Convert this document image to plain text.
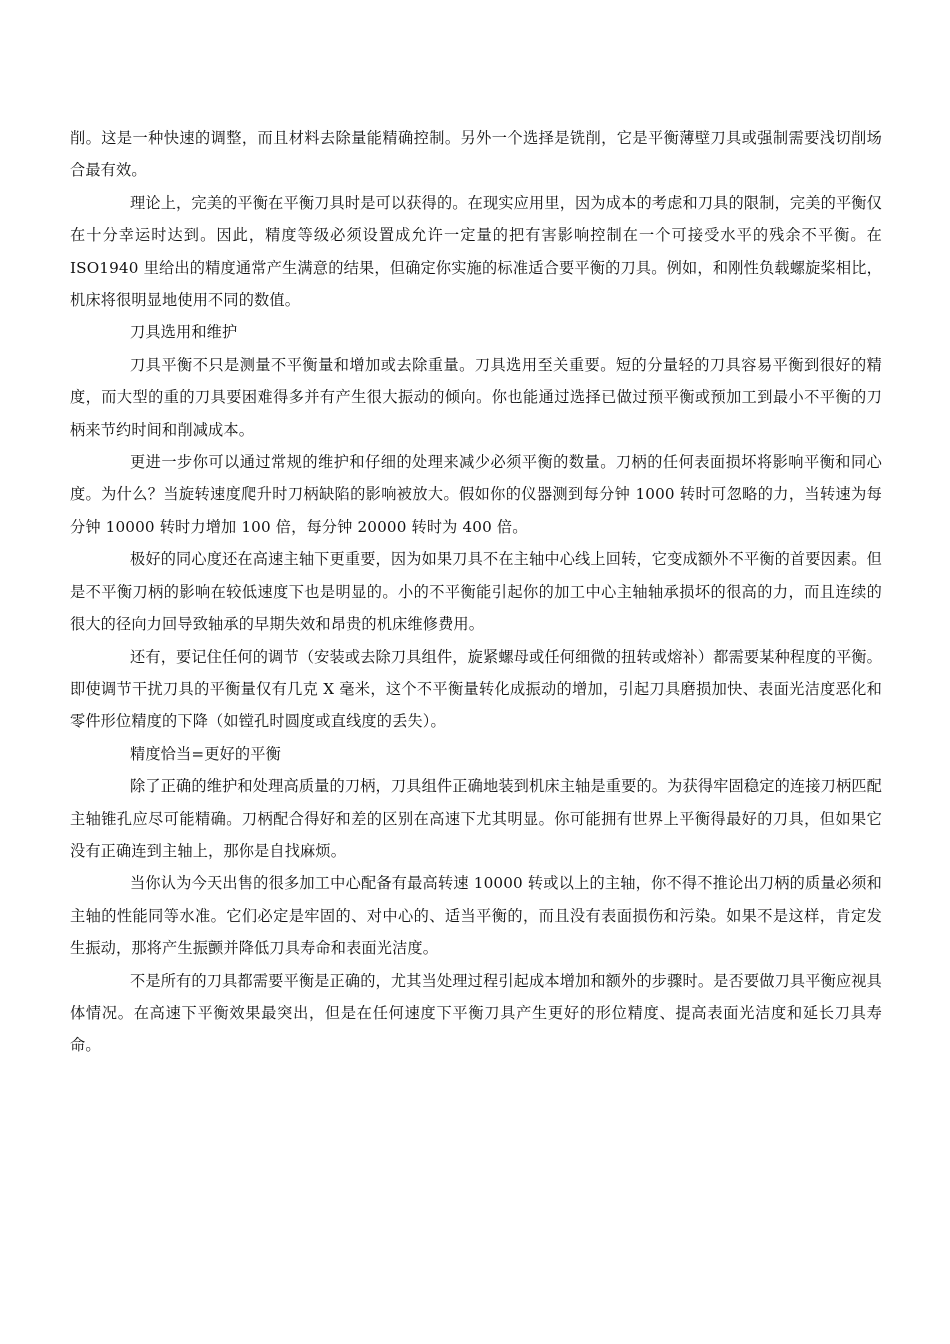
削。这是一种快速的调整，而且材料去除量能精确控制。另外一个选择是铣削，它是平衡薄壁刀具或强制需要浅切削场合最有效。

理论上，完美的平衡在平衡刀具时是可以获得的。在现实应用里，因为成本的考虑和刀具的限制，完美的平衡仅在十分幸运时达到。因此，精度等级必须设置成允许一定量的把有害影响控制在一个可接受水平的残余不平衡。在 ISO1940 里给出的精度通常产生满意的结果，但确定你实施的标准适合要平衡的刀具。例如，和刚性负载螺旋桨相比，机床将很明显地使用不同的数值。

刀具选用和维护

刀具平衡不只是测量不平衡量和增加或去除重量。刀具选用至关重要。短的分量轻的刀具容易平衡到很好的精度，而大型的重的刀具要困难得多并有产生很大振动的倾向。你也能通过选择已做过预平衡或预加工到最小不平衡的刀柄来节约时间和削减成本。

更进一步你可以通过常规的维护和仔细的处理来减少必须平衡的数量。刀柄的任何表面损坏将影响平衡和同心度。为什么？当旋转速度爬升时刀柄缺陷的影响被放大。假如你的仪器测到每分钟 1000 转时可忽略的力，当转速为每分钟 10000 转时力增加 100 倍，每分钟 20000 转时为 400 倍。

极好的同心度还在高速主轴下更重要，因为如果刀具不在主轴中心线上回转，它变成额外不平衡的首要因素。但是不平衡刀柄的影响在较低速度下也是明显的。小的不平衡能引起你的加工中心主轴轴承损坏的很高的力，而且连续的很大的径向力回导致轴承的早期失效和昂贵的机床维修费用。

还有，要记住任何的调节（安装或去除刀具组件，旋紧螺母或任何细微的扭转或熔补）都需要某种程度的平衡。即使调节干扰刀具的平衡量仅有几克 X 毫米，这个不平衡量转化成振动的增加，引起刀具磨损加快、表面光洁度恶化和零件形位精度的下降（如镗孔时圆度或直线度的丢失）。

精度恰当=更好的平衡

除了正确的维护和处理高质量的刀柄，刀具组件正确地装到机床主轴是重要的。为获得牢固稳定的连接刀柄匹配主轴锥孔应尽可能精确。刀柄配合得好和差的区别在高速下尤其明显。你可能拥有世界上平衡得最好的刀具，但如果它没有正确连到主轴上，那你是自找麻烦。

当你认为今天出售的很多加工中心配备有最高转速 10000 转或以上的主轴，你不得不推论出刀柄的质量必须和主轴的性能同等水准。它们必定是牢固的、对中心的、适当平衡的，而且没有表面损伤和污染。如果不是这样，肯定发生振动，那将产生振颤并降低刀具寿命和表面光洁度。

不是所有的刀具都需要平衡是正确的，尤其当处理过程引起成本增加和额外的步骤时。是否要做刀具平衡应视具体情况。在高速下平衡效果最突出，但是在任何速度下平衡刀具产生更好的形位精度、提高表面光洁度和延长刀具寿命。
